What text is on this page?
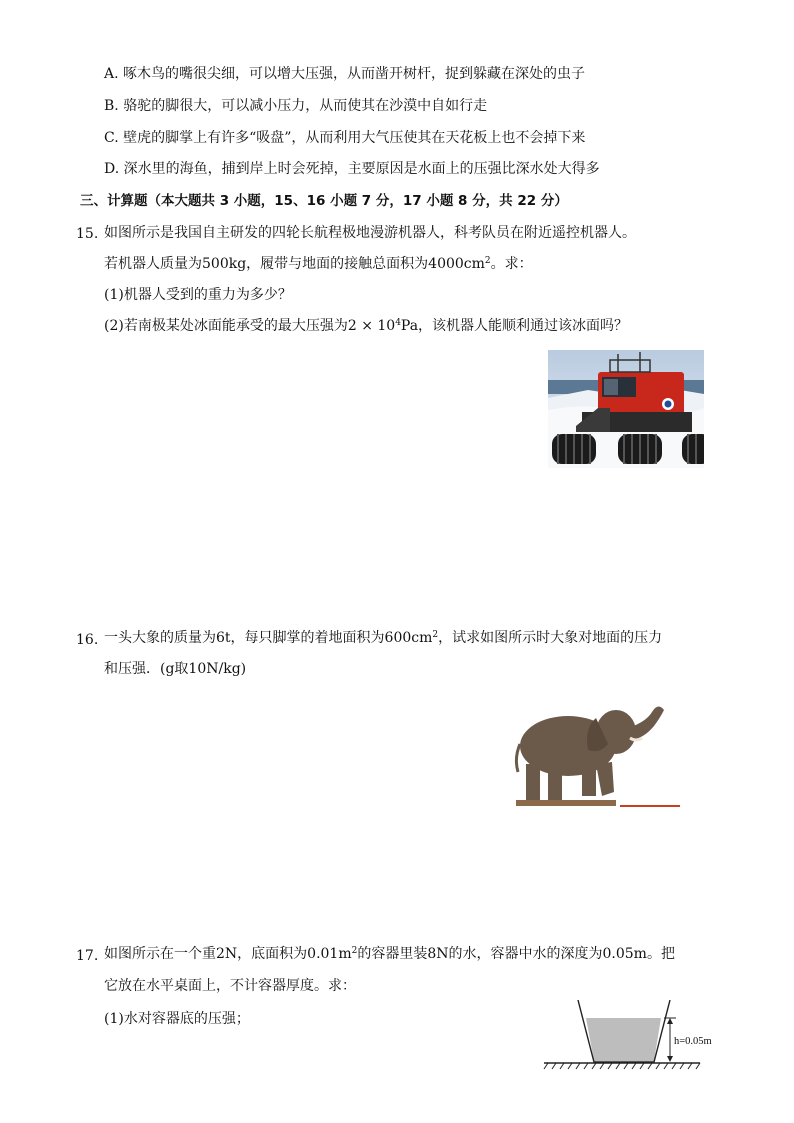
A. 啄木鸟的嘴很尖细，可以增大压强，从而凿开树杆，捉到躲藏在深处的虫子
B. 骆驼的脚很大，可以减小压力，从而使其在沙漠中自如行走
C. 壁虎的脚掌上有许多“吸盘”，从而利用大气压使其在天花板上也不会掉下来
D. 深水里的海鱼，捕到岸上时会死掉，主要原因是水面上的压强比深水处大得多
三、计算题（本大题共 3 小题，15、16 小题 7 分，17 小题 8 分，共 22 分）
15. 如图所示是我国自主研发的四轮长航程极地漫游机器人，科考队员在附近遥控机器人。
若机器人质量为500kg，履带与地面的接触总面积为$4000cm^2$。求：
(1)机器人受到的重力为多少？
(2)若南极某处冰面能承受的最大压强为$2 \times 10^4Pa$，该机器人能顺利通过该冰面吗？
16. 一头大象的质量为6t，每只脚掌的着地面积为$600cm^2$，试求如图所示时大象对地面的压力
和压强．(g取10N/kg)
17. 如图所示在一个重2N，底面积为$0.01m^2$的容器里装8N的水，容器中水的深度为0.05m。把
它放在水平桌面上，不计容器厚度。求：
(1)水对容器底的压强；
h=0.05m
